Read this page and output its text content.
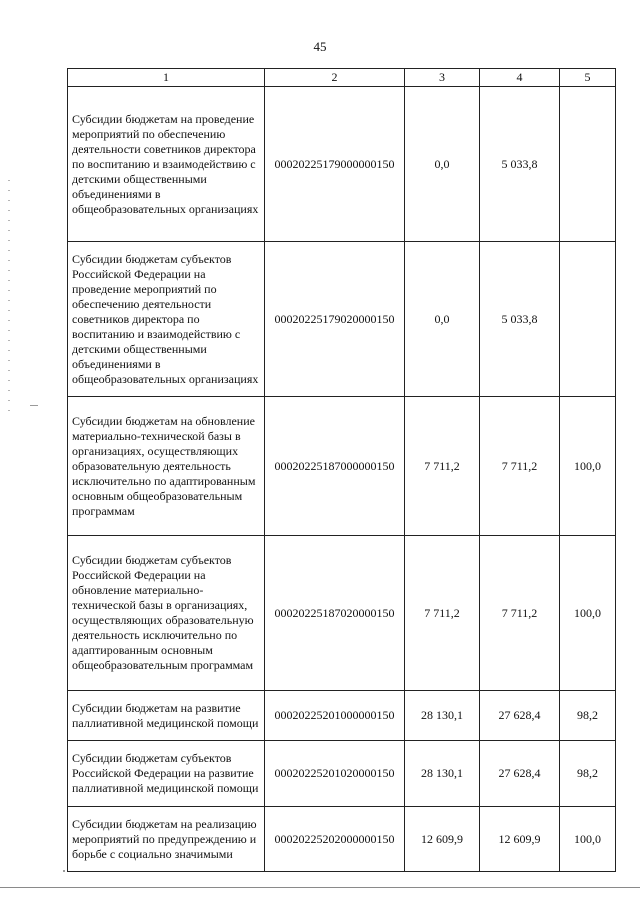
45
1	2	3	4	5
Субсидии бюджетам на проведение мероприятий по обеспечению деятельности советников директора по воспитанию и взаимодействию с детскими общественными объединениями в общеобразовательных организациях	00020225179000000150	0,0	5 033,8	
Субсидии бюджетам субъектов Российской Федерации на проведение мероприятий по обеспечению деятельности советников директора по воспитанию и взаимодействию с детскими общественными объединениями в общеобразовательных организациях	00020225179020000150	0,0	5 033,8	
Субсидии бюджетам на обновление материально-технической базы в организациях, осуществляющих образовательную деятельность исключительно по адаптированным основным общеобразовательным программам	00020225187000000150	7 711,2	7 711,2	100,0
Субсидии бюджетам субъектов Российской Федерации на обновление материально-технической базы в организациях, осуществляющих образовательную деятельность исключительно по адаптированным основным общеобразовательным программам	00020225187020000150	7 711,2	7 711,2	100,0
Субсидии бюджетам на развитие паллиативной медицинской помощи	00020225201000000150	28 130,1	27 628,4	98,2
Субсидии бюджетам субъектов Российской Федерации на развитие паллиативной медицинской помощи	00020225201020000150	28 130,1	27 628,4	98,2
Субсидии бюджетам на реализацию мероприятий по предупреждению и борьбе с социально значимыми	00020225202000000150	12 609,9	12 609,9	100,0
